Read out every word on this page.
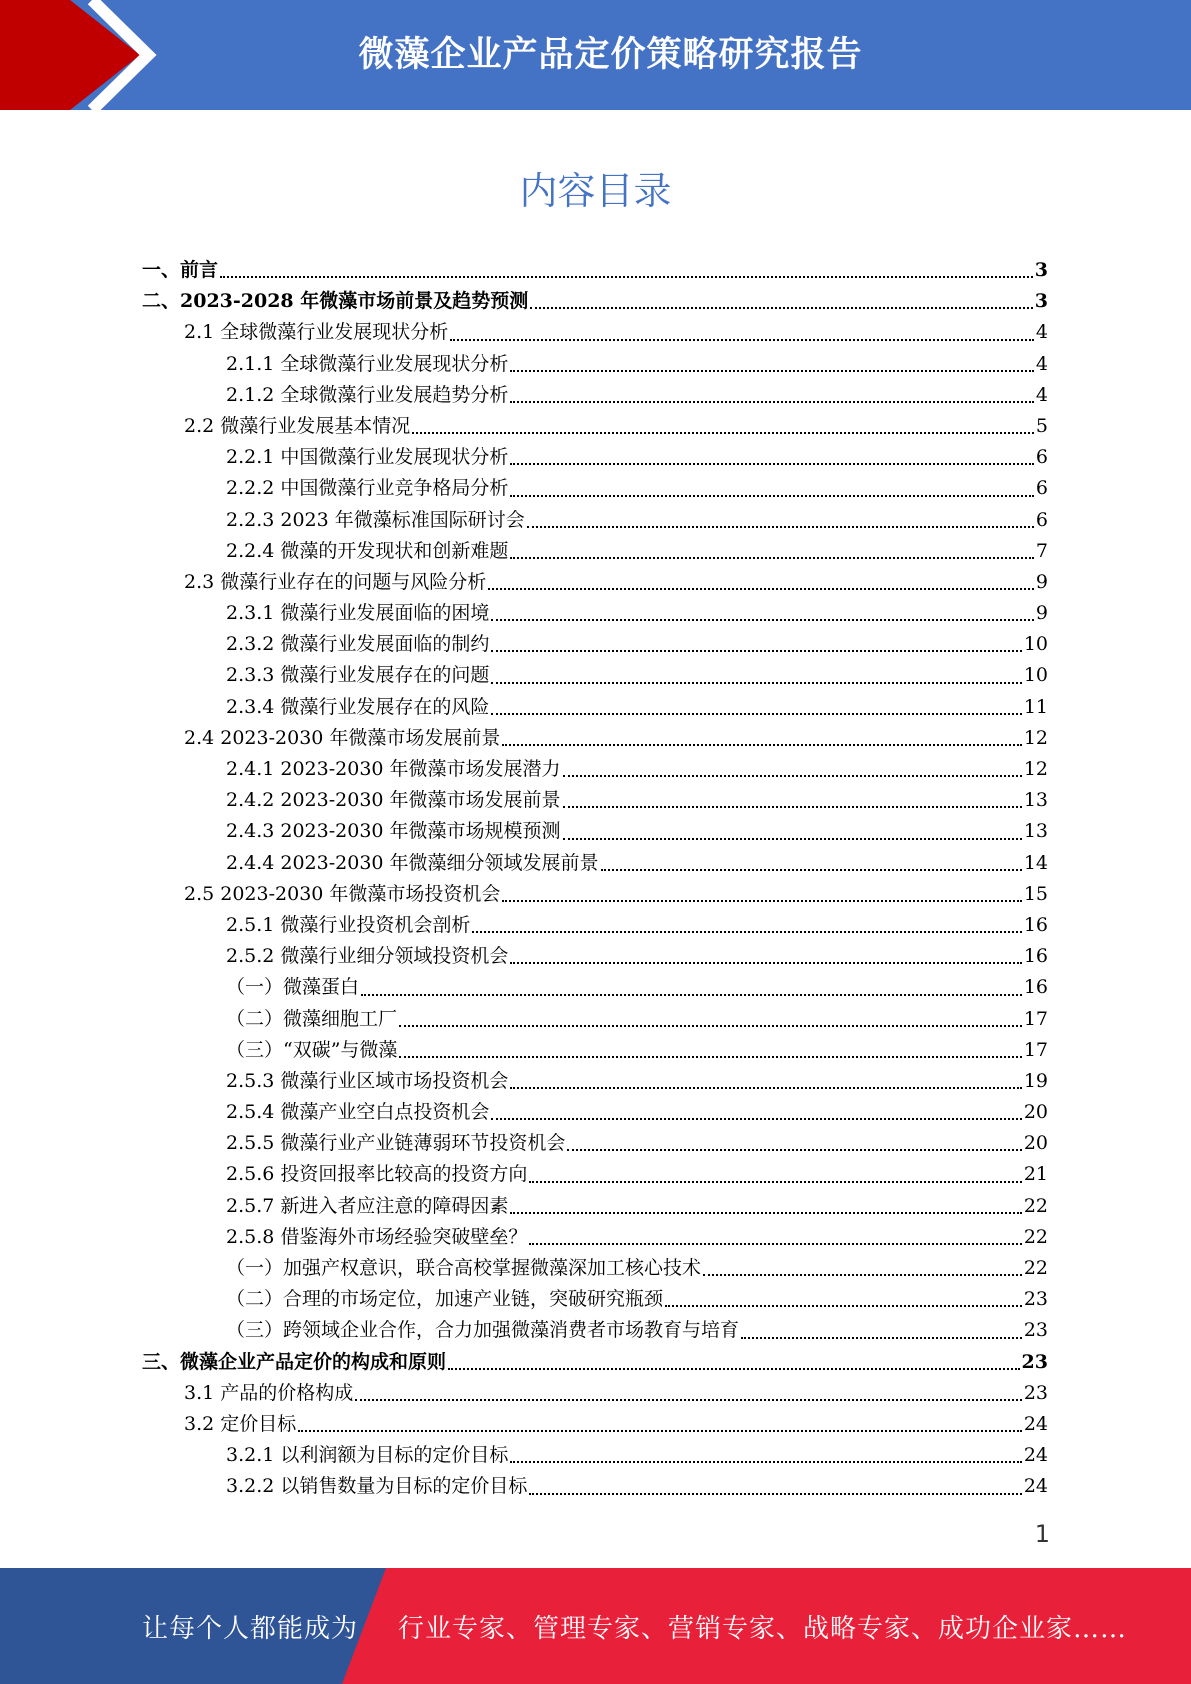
微藻企业产品定价策略研究报告
内容目录
一、前言	3
二、2023-2028 年微藻市场前景及趋势预测	3
2.1 全球微藻行业发展现状分析	4
2.1.1 全球微藻行业发展现状分析	4
2.1.2 全球微藻行业发展趋势分析	4
2.2 微藻行业发展基本情况	5
2.2.1 中国微藻行业发展现状分析	6
2.2.2 中国微藻行业竞争格局分析	6
2.2.3 2023 年微藻标准国际研讨会	6
2.2.4 微藻的开发现状和创新难题	7
2.3 微藻行业存在的问题与风险分析	9
2.3.1 微藻行业发展面临的困境	9
2.3.2 微藻行业发展面临的制约	10
2.3.3 微藻行业发展存在的问题	10
2.3.4 微藻行业发展存在的风险	11
2.4 2023-2030 年微藻市场发展前景	12
2.4.1 2023-2030 年微藻市场发展潜力	12
2.4.2 2023-2030 年微藻市场发展前景	13
2.4.3 2023-2030 年微藻市场规模预测	13
2.4.4 2023-2030 年微藻细分领域发展前景	14
2.5 2023-2030 年微藻市场投资机会	15
2.5.1 微藻行业投资机会剖析	16
2.5.2 微藻行业细分领域投资机会	16
（一）微藻蛋白	16
（二）微藻细胞工厂	17
（三）“双碳”与微藻	17
2.5.3 微藻行业区域市场投资机会	19
2.5.4 微藻产业空白点投资机会	20
2.5.5 微藻行业产业链薄弱环节投资机会	20
2.5.6 投资回报率比较高的投资方向	21
2.5.7 新进入者应注意的障碍因素	22
2.5.8 借鉴海外市场经验突破壁垒？	22
（一）加强产权意识，联合高校掌握微藻深加工核心技术	22
（二）合理的市场定位，加速产业链，突破研究瓶颈	23
（三）跨领域企业合作，合力加强微藻消费者市场教育与培育	23
三、微藻企业产品定价的构成和原则	23
3.1 产品的价格构成	23
3.2 定价目标	24
3.2.1 以利润额为目标的定价目标	24
3.2.2 以销售数量为目标的定价目标	24
1
让每个人都能成为 行业专家、管理专家、营销专家、战略专家、成功企业家……
